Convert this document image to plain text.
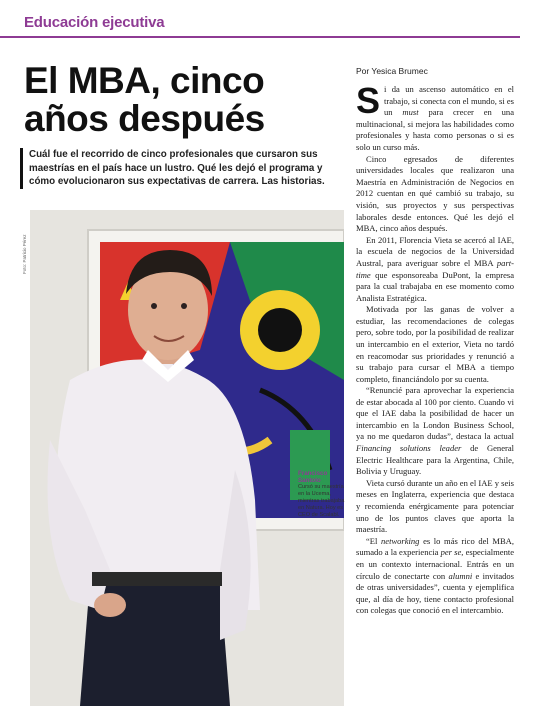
Educación ejecutiva
Por Yesica Brumec
El MBA, cinco
años después
Cuál fue el recorrido de cinco profesionales que cursaron sus maestrías en el país hace un lustro. Qué les dejó el programa y cómo evolucionaron sus expectativas de carrera. Las historias.
Foto: Patricio Pérez
Francisco Santolo
Cursó su maestría en la Ucema, mientras trabajaba en Natura. Hoy es CEO de Scalabl.

Si da un ascenso automático en el trabajo, si conecta con el mundo, si es un must para crecer en una multinacional, si mejora las habilidades como profesionales y hasta como personas o si es solo un curso más.

Cinco egresados de diferentes universidades locales que realizaron una Maestría en Administración de Negocios en 2012 cuentan en qué cambió su trabajo, su visión, sus proyectos y sus perspectivas laborales desde entonces. Qué les dejó el MBA, cinco años después.

En 2011, Florencia Vieta se acercó al IAE, la escuela de negocios de la Universidad Austral, para averiguar sobre el MBA part-time que esponsoreaba DuPont, la empresa para la cual trabajaba en ese momento como Analista Estratégica.

Motivada por las ganas de volver a estudiar, las recomendaciones de colegas pero, sobre todo, por la posibilidad de realizar un intercambio en el exterior, Vieta no tardó en reacomodar sus prioridades y renunció a su trabajo para cursar el MBA a tiempo completo, financiándolo por su cuenta.

“Renuncié para aprovechar la experiencia de estar abocada al 100 por ciento. Cuando vi que el IAE daba la posibilidad de hacer un intercambio en la London Business School, ya no me quedaron dudas”, destaca la actual Financing solutions leader de General Electric Healthcare para la Argentina, Chile, Bolivia y Uruguay.

Vieta cursó durante un año en el IAE y seis meses en Inglaterra, experiencia que destaca y recomienda enérgicamente para potenciar uno de los puntos claves que aporta la maestría.

“El networking es lo más rico del MBA, sumado a la experiencia per se, especialmente en un contexto internacional. Entrás en un círculo de conectarte con alumni e invitados de otras universidades”, cuenta y ejemplifica que, al día de hoy, tiene contacto profesional con colegas que conoció en el intercambio.
